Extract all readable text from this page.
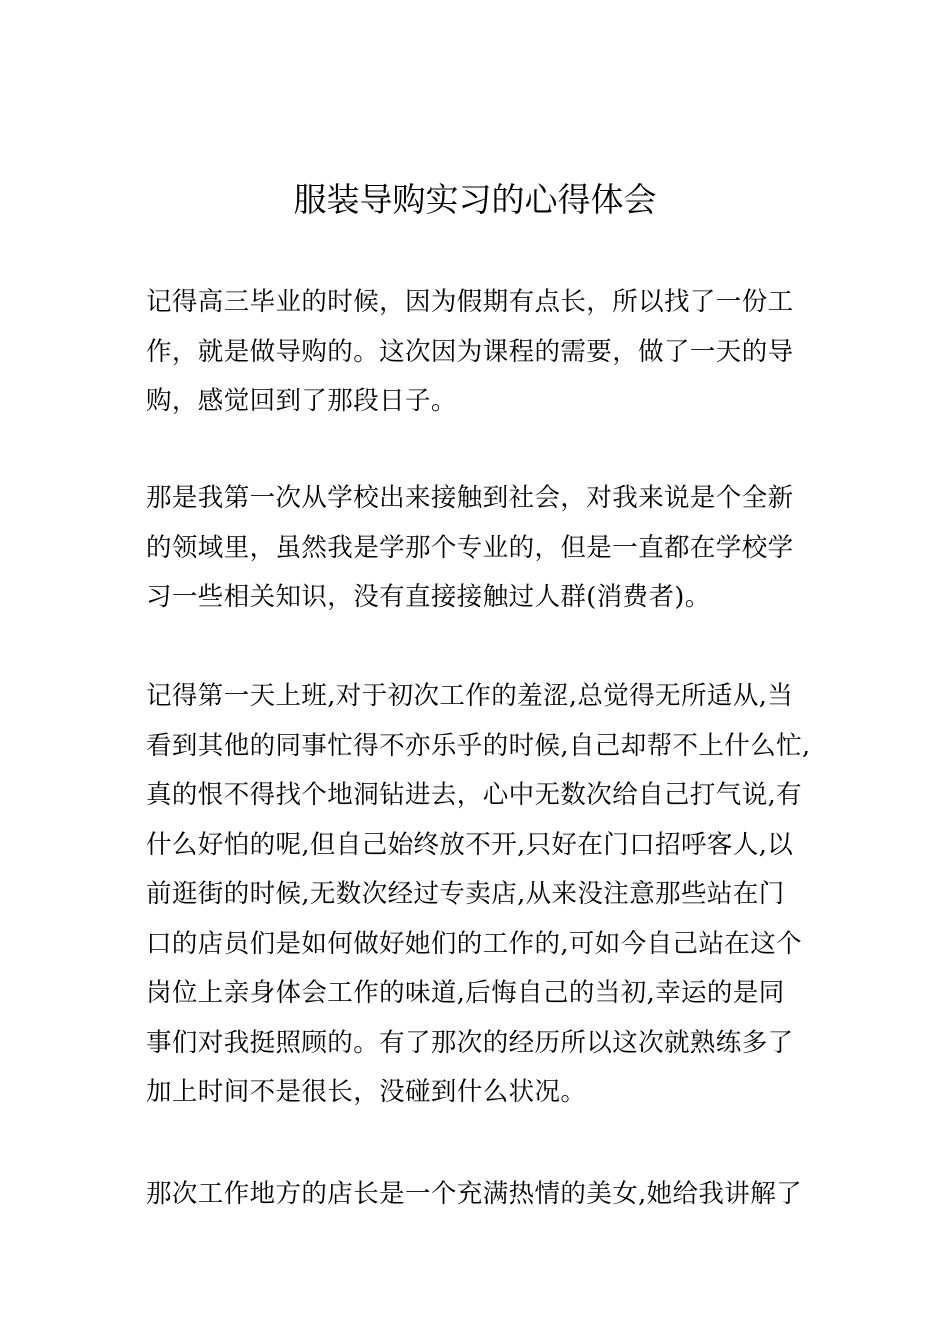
服装导购实习的心得体会

记得高三毕业的时候，因为假期有点长，所以找了一份工
作，就是做导购的。这次因为课程的需要，做了一天的导
购，感觉回到了那段日子。

那是我第一次从学校出来接触到社会，对我来说是个全新
的领域里，虽然我是学那个专业的，但是一直都在学校学
习一些相关知识，没有直接接触过人群(消费者)。

记得第一天上班,对于初次工作的羞涩,总觉得无所适从,当
看到其他的同事忙得不亦乐乎的时候,自己却帮不上什么忙,
真的恨不得找个地洞钻进去，心中无数次给自己打气说,有
什么好怕的呢,但自己始终放不开,只好在门口招呼客人,以
前逛街的时候,无数次经过专卖店,从来没注意那些站在门
口的店员们是如何做好她们的工作的,可如今自己站在这个
岗位上亲身体会工作的味道,后悔自己的当初,幸运的是同
事们对我挺照顾的。有了那次的经历所以这次就熟练多了
加上时间不是很长，没碰到什么状况。

那次工作地方的店长是一个充满热情的美女,她给我讲解了
